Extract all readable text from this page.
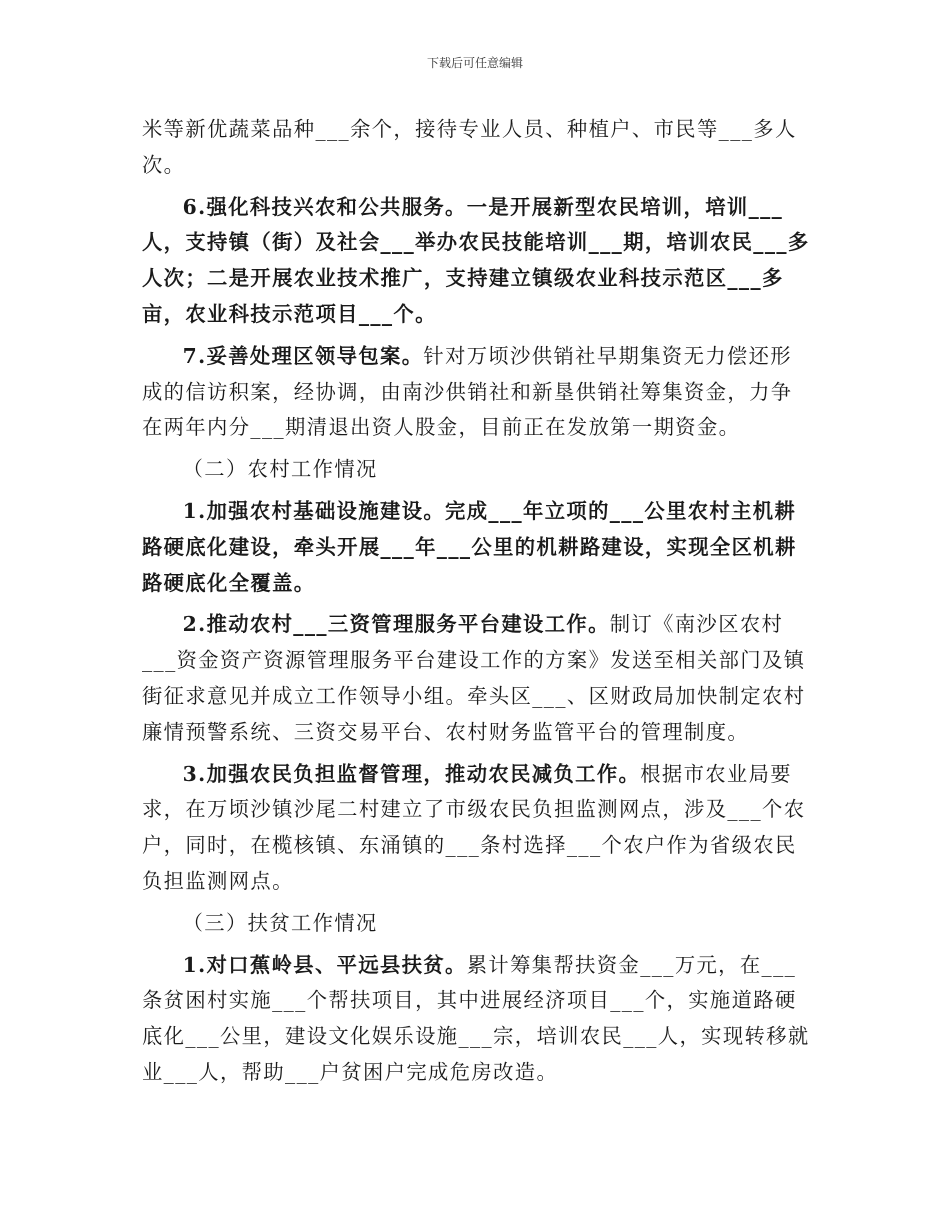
下载后可任意编辑

米等新优蔬菜品种___余个，接待专业人员、种植户、市民等___多人次。

6.强化科技兴农和公共服务。一是开展新型农民培训，培训___人，支持镇（街）及社会___举办农民技能培训___期，培训农民___多人次；二是开展农业技术推广，支持建立镇级农业科技示范区___多亩，农业科技示范项目___个。

7.妥善处理区领导包案。针对万顷沙供销社早期集资无力偿还形成的信访积案，经协调，由南沙供销社和新垦供销社筹集资金，力争在两年内分___期清退出资人股金，目前正在发放第一期资金。

（二）农村工作情况

1.加强农村基础设施建设。完成___年立项的___公里农村主机耕路硬底化建设，牵头开展___年___公里的机耕路建设，实现全区机耕路硬底化全覆盖。

2.推动农村___三资管理服务平台建设工作。制订《南沙区农村___资金资产资源管理服务平台建设工作的方案》发送至相关部门及镇街征求意见并成立工作领导小组。牵头区___、区财政局加快制定农村廉情预警系统、三资交易平台、农村财务监管平台的管理制度。

3.加强农民负担监督管理，推动农民减负工作。根据市农业局要求，在万顷沙镇沙尾二村建立了市级农民负担监测网点，涉及___个农户，同时，在榄核镇、东涌镇的___条村选择___个农户作为省级农民负担监测网点。

（三）扶贫工作情况

1.对口蕉岭县、平远县扶贫。累计筹集帮扶资金___万元，在___条贫困村实施___个帮扶项目，其中进展经济项目___个，实施道路硬底化___公里，建设文化娱乐设施___宗，培训农民___人，实现转移就业___人，帮助___户贫困户完成危房改造。
